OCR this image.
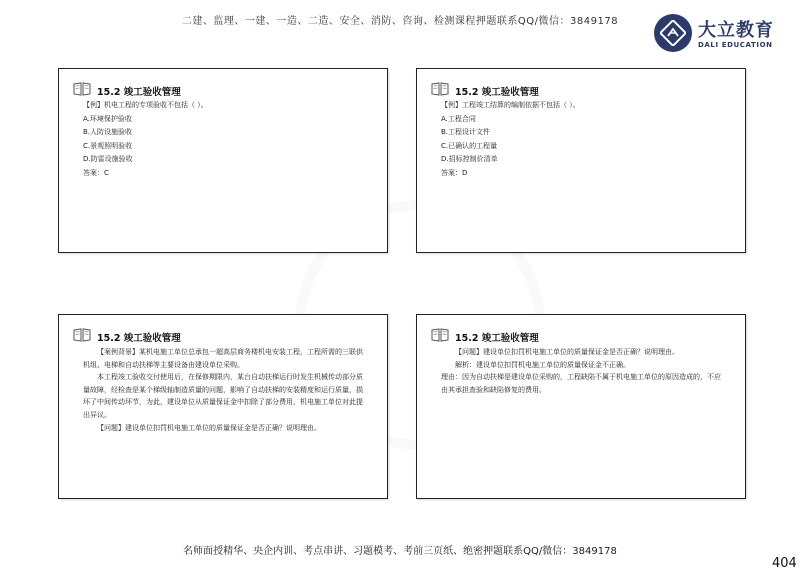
二建、监理、一建、一造、二造、安全、消防、咨询、检测课程押题联系QQ/微信：3849178	大立教育
DALI EDUCATION
15.2 竣工验收管理
【例】机电工程的专项验收不包括（ ）。
A.环境保护验收
B.人防设施验收
C.景观照明验收
D.防雷设施验收
答案：C
15.2 竣工验收管理
【例】工程竣工结算的编制依据不包括（ ）。
A.工程合同
B.工程设计文件
C.已确认的工程量
D.招标控制价清单
答案：D
15.2 竣工验收管理
【案例背景】某机电施工单位总承包一超高层商务楼机电安装工程，工程所需的三联供机组、电梯和自动扶梯等主要设备由建设单位采购。
本工程竣工验收交付使用后，在保修期限内，某台自动扶梯运行时发生机械传动部分质量故障，经检查是某个梯级轴制造质量的问题，影响了自动扶梯的安装精度和运行质量，损坏了中间传动环节，为此，建设单位从质量保证金中扣除了部分费用，机电施工单位对此提出异议。
【问题】建设单位扣罚机电施工单位的质量保证金是否正确？说明理由。
15.2 竣工验收管理
【问题】建设单位扣罚机电施工单位的质量保证金是否正确？说明理由。
解析：建设单位扣罚机电施工单位的质量保证金不正确。
理由：因为自动扶梯是建设单位采购的，工程缺陷不属于机电施工单位的原因造成的，不应由其承担查验和缺陷修复的费用。
名师面授精华、央企内训、考点串讲、习题模考、考前三页纸、绝密押题联系QQ/微信：3849178
404
